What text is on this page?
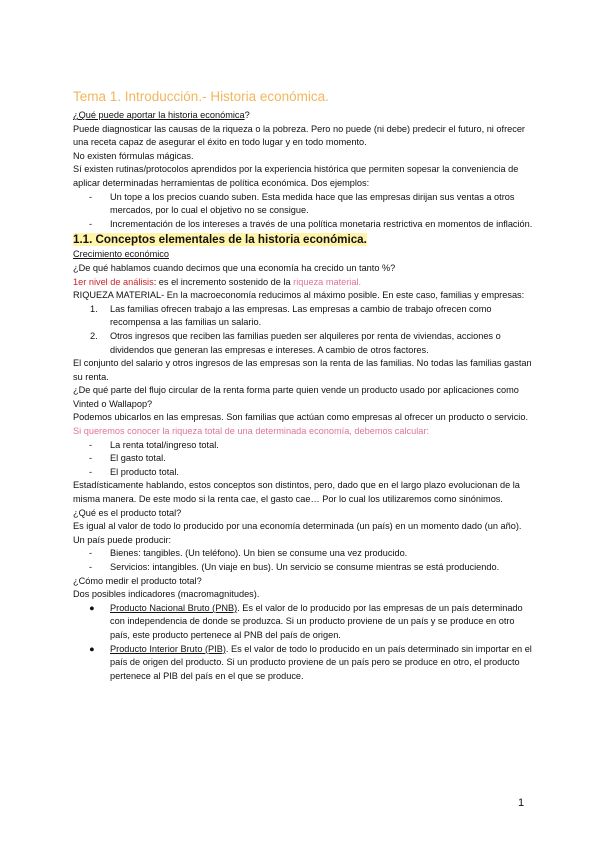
Tema 1. Introducción.- Historia económica.

¿Qué puede aportar la historia económica?

Puede diagnosticar las causas de la riqueza o la pobreza. Pero no puede (ni debe) predecir el futuro, ni ofrecer una receta capaz de asegurar el éxito en todo lugar y en todo momento.

No existen fórmulas mágicas.

Sí existen rutinas/protocolos aprendidos por la experiencia histórica que permiten sopesar la conveniencia de aplicar determinadas herramientas de política económica. Dos ejemplos:

- Un tope a los precios cuando suben. Esta medida hace que las empresas dirijan sus ventas a otros mercados, por lo cual el objetivo no se consigue.
- Incrementación de los intereses a través de una política monetaria restrictiva en momentos de inflación.
1.1. Conceptos elementales de la historia económica.

Crecimiento económico

¿De qué hablamos cuando decimos que una economía ha crecido un tanto %?

1er nivel de análisis: es el incremento sostenido de la riqueza material.

RIQUEZA MATERIAL- En la macroeconomía reducimos al máximo posible. En este caso, familias y empresas:

1. Las familias ofrecen trabajo a las empresas. Las empresas a cambio de trabajo ofrecen como recompensa a las familias un salario.
2. Otros ingresos que reciben las familias pueden ser alquileres por renta de viviendas, acciones o dividendos que generan las empresas e intereses. A cambio de otros factores.

El conjunto del salario y otros ingresos de las empresas son la renta de las familias. No todas las familias gastan su renta.

¿De qué parte del flujo circular de la renta forma parte quien vende un producto usado por aplicaciones como Vinted o Wallapop?

Podemos ubicarlos en las empresas. Son familias que actúan como empresas al ofrecer un producto o servicio.

Si queremos conocer la riqueza total de una determinada economía, debemos calcular:

- La renta total/ingreso total.
- El gasto total.
- El producto total.

Estadísticamente hablando, estos conceptos son distintos, pero, dado que en el largo plazo evolucionan de la misma manera. De este modo si la renta cae, el gasto cae… Por lo cual los utilizaremos como sinónimos.

¿Qué es el producto total?

Es igual al valor de todo lo producido por una economía determinada (un país) en un momento dado (un año). Un país puede producir:

- Bienes: tangibles. (Un teléfono). Un bien se consume una vez producido.
- Servicios: intangibles. (Un viaje en bus). Un servicio se consume mientras se está produciendo.

¿Cómo medir el producto total?

Dos posibles indicadores (macromagnitudes).

● Producto Nacional Bruto (PNB). Es el valor de lo producido por las empresas de un país determinado con independencia de donde se produzca. Si un producto proviene de un país y se produce en otro país, este producto pertenece al PNB del país de origen.
● Producto Interior Bruto (PIB). Es el valor de todo lo producido en un país determinado sin importar en el país de origen del producto. Si un producto proviene de un país pero se produce en otro, el producto pertenece al PIB del país en el que se produce.
1
